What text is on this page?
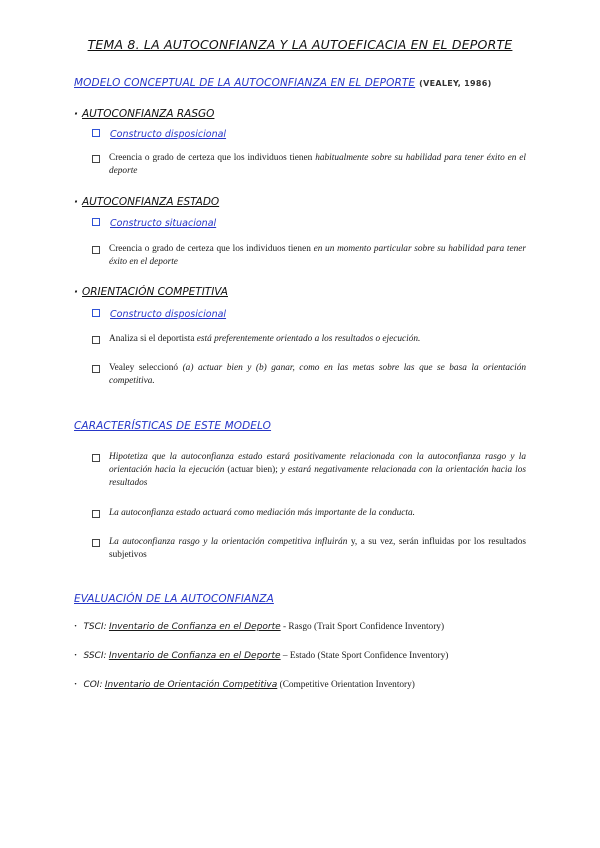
TEMA 8. LA AUTOCONFIANZA Y LA AUTOEFICACIA EN EL DEPORTE
MODELO CONCEPTUAL DE LA AUTOCONFIANZA EN EL DEPORTE (VEALEY, 1986)
· AUTOCONFIANZA RASGO
Constructo disposicional
Creencia o grado de certeza que los individuos tienen habitualmente sobre su habilidad para tener éxito en el deporte
· AUTOCONFIANZA ESTADO
Constructo situacional
Creencia o grado de certeza que los individuos tienen en un momento particular sobre su habilidad para tener éxito en el deporte
· ORIENTACIÓN COMPETITIVA
Constructo disposicional
Analiza si el deportista está preferentemente orientado a los resultados o ejecución.
Vealey seleccionó (a) actuar bien y (b) ganar, como en las metas sobre las que se basa la orientación competitiva.
CARACTERÍSTICAS DE ESTE MODELO
Hipotetiza que la autoconfianza estado estará positivamente relacionada con la autoconfianza rasgo y la orientación hacia la ejecución (actuar bien); y estará negativamente relacionada con la orientación hacia los resultados
La autoconfianza estado actuará como mediación más importante de la conducta.
La autoconfianza rasgo y la orientación competitiva influirán y, a su vez, serán influidas por los resultados subjetivos
EVALUACIÓN DE LA AUTOCONFIANZA
· TSCI: Inventario de Confianza en el Deporte - Rasgo (Trait Sport Confidence Inventory)
· SSCI: Inventario de Confianza en el Deporte – Estado (State Sport Confidence Inventory)
· COI: Inventario de Orientación Competitiva (Competitive Orientation Inventory)
